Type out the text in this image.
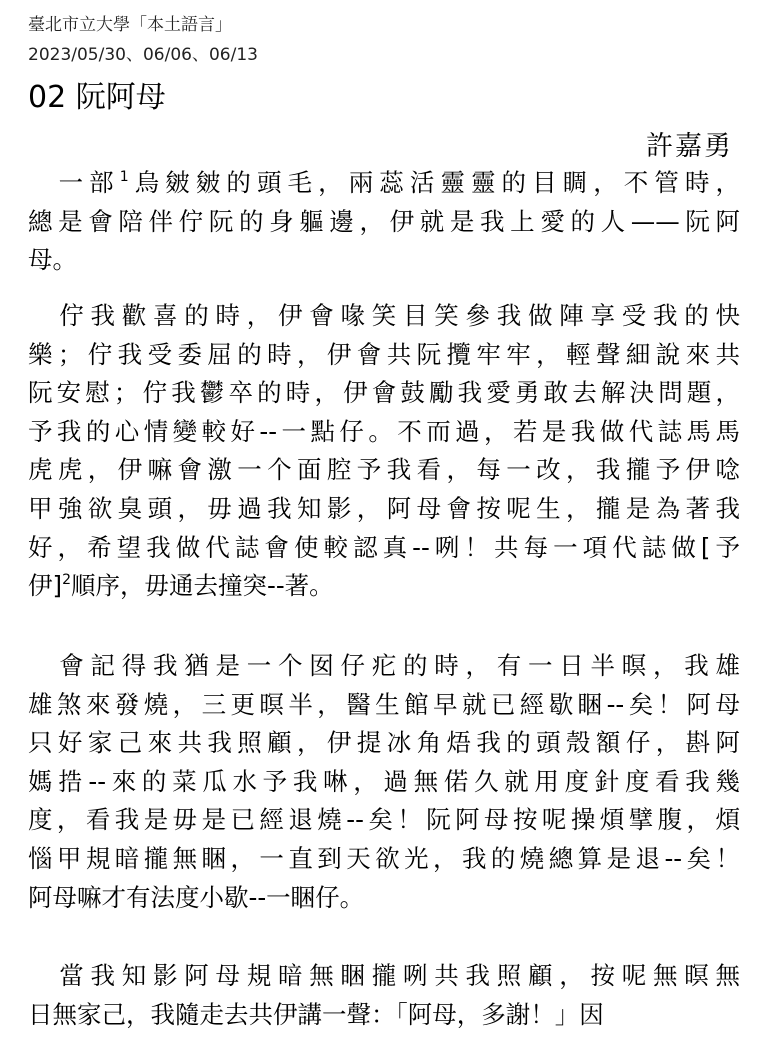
臺北市立大學「本土語言」
2023/05/30、06/06、06/13
02 阮阿母
許嘉勇
　一部$^1$烏皴皴的頭毛，兩蕊活靈靈的目睭，不管時，
總是會陪伴佇阮的身軀邊，伊就是我上愛的人——阮阿
母。
　佇我歡喜的時，伊會喙笑目笑參我做陣享受我的快
樂；佇我受委屈的時，伊會共阮攬牢牢，輕聲細說來共
阮安慰；佇我鬱卒的時，伊會鼓勵我愛勇敢去解決問題，
予我的心情變較好--一點仔。不而過，若是我做代誌馬馬
虎虎，伊嘛會激一个面腔予我看，每一改，我攏予伊唸
甲強欲臭頭，毋過我知影，阿母會按呢生，攏是為著我
好，希望我做代誌會使較認真--咧！共每一項代誌做[予
伊]$^2$順序，毋通去撞突--著。
　會記得我猶是一个囡仔疕的時，有一日半暝，我雄
雄煞來發燒，三更暝半，醫生館早就已經歇睏--矣！阿母
只好家己來共我照顧，伊提冰角焐我的頭殼額仔，斟阿
媽捁--來的菜瓜水予我啉，過無偌久就用度針度看我幾
度，看我是毋是已經退燒--矣！阮阿母按呢操煩擘腹，煩
惱甲規暗攏無睏，一直到天欲光，我的燒總算是退--矣！
阿母嘛才有法度小歇--一睏仔。
　當我知影阿母規暗無睏攏咧共我照顧，按呢無暝無
日無家己，我隨走去共伊講一聲：「阿母，多謝！」因
